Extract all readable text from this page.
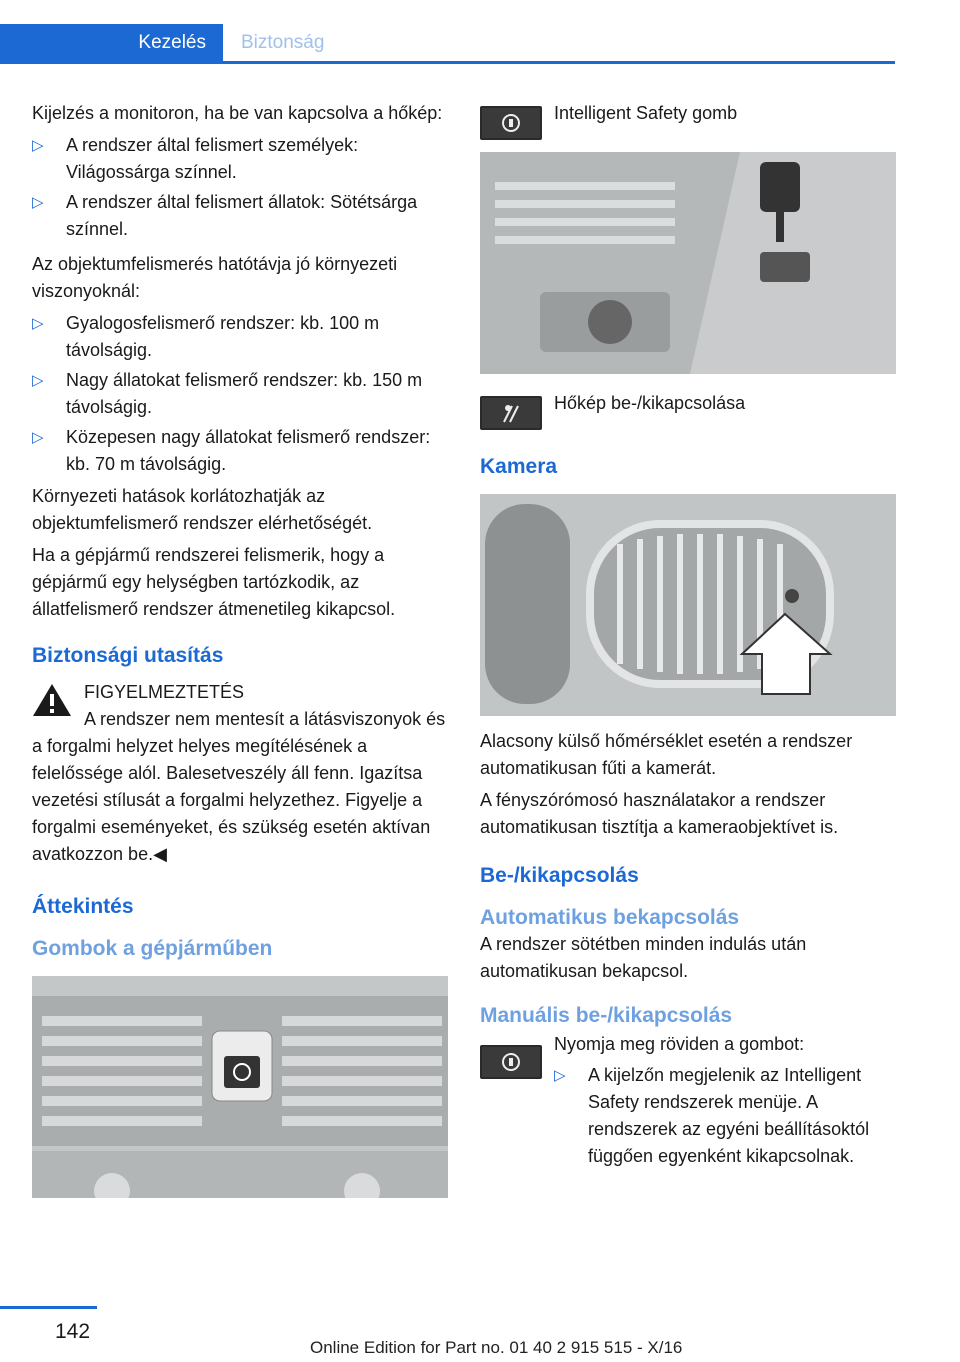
Kezelés	Biztonság

Kijelzés a monitoron, ha be van kapcsolva a hőkép:

▷ A rendszer által felismert személyek: Világossárga színnel.
▷ A rendszer által felismert állatok: Sötétsárga színnel.

Az objektumfelismerés hatótávja jó környezeti viszonyoknál:

▷ Gyalogosfelismerő rendszer: kb. 100 m távolságig.
▷ Nagy állatokat felismerő rendszer: kb. 150 m távolságig.
▷ Közepesen nagy állatokat felismerő rendszer: kb. 70 m távolságig.

Környezeti hatások korlátozhatják az objektumfelismerő rendszer elérhetőségét.

Ha a gépjármű rendszerei felismerik, hogy a gépjármű egy helységben tartózkodik, az állatfelismerő rendszer átmenetileg kikapcsol.

Biztonsági utasítás
FIGYELMEZTETÉS
A rendszer nem mentesít a látásviszonyok és a forgalmi helyzet helyes megítélésének a felelőssége alól. Balesetveszély áll fenn. Igazítsa vezetési stílusát a forgalmi helyzethez. Figyelje a forgalmi eseményeket, és szükség esetén aktívan avatkozzon be.◀
Áttekintés
Gombok a gépjárműben
Intelligent Safety gomb
Hőkép be-/kikapcsolása
Kamera

Alacsony külső hőmérséklet esetén a rendszer automatikusan fűti a kamerát.

A fényszórómosó használatakor a rendszer automatikusan tisztítja a kameraobjektívet is.

Be-/kikapcsolás
Automatikus bekapcsolás

A rendszer sötétben minden indulás után automatikusan bekapcsol.

Manuális be-/kikapcsolás
Nyomja meg röviden a gombot:
▷ A kijelzőn megjelenik az Intelligent Safety rendszerek menüje. A rendszerek az egyéni beállításoktól függően egyenként kikapcsolnak.
142
Online Edition for Part no. 01 40 2 915 515 - X/16
